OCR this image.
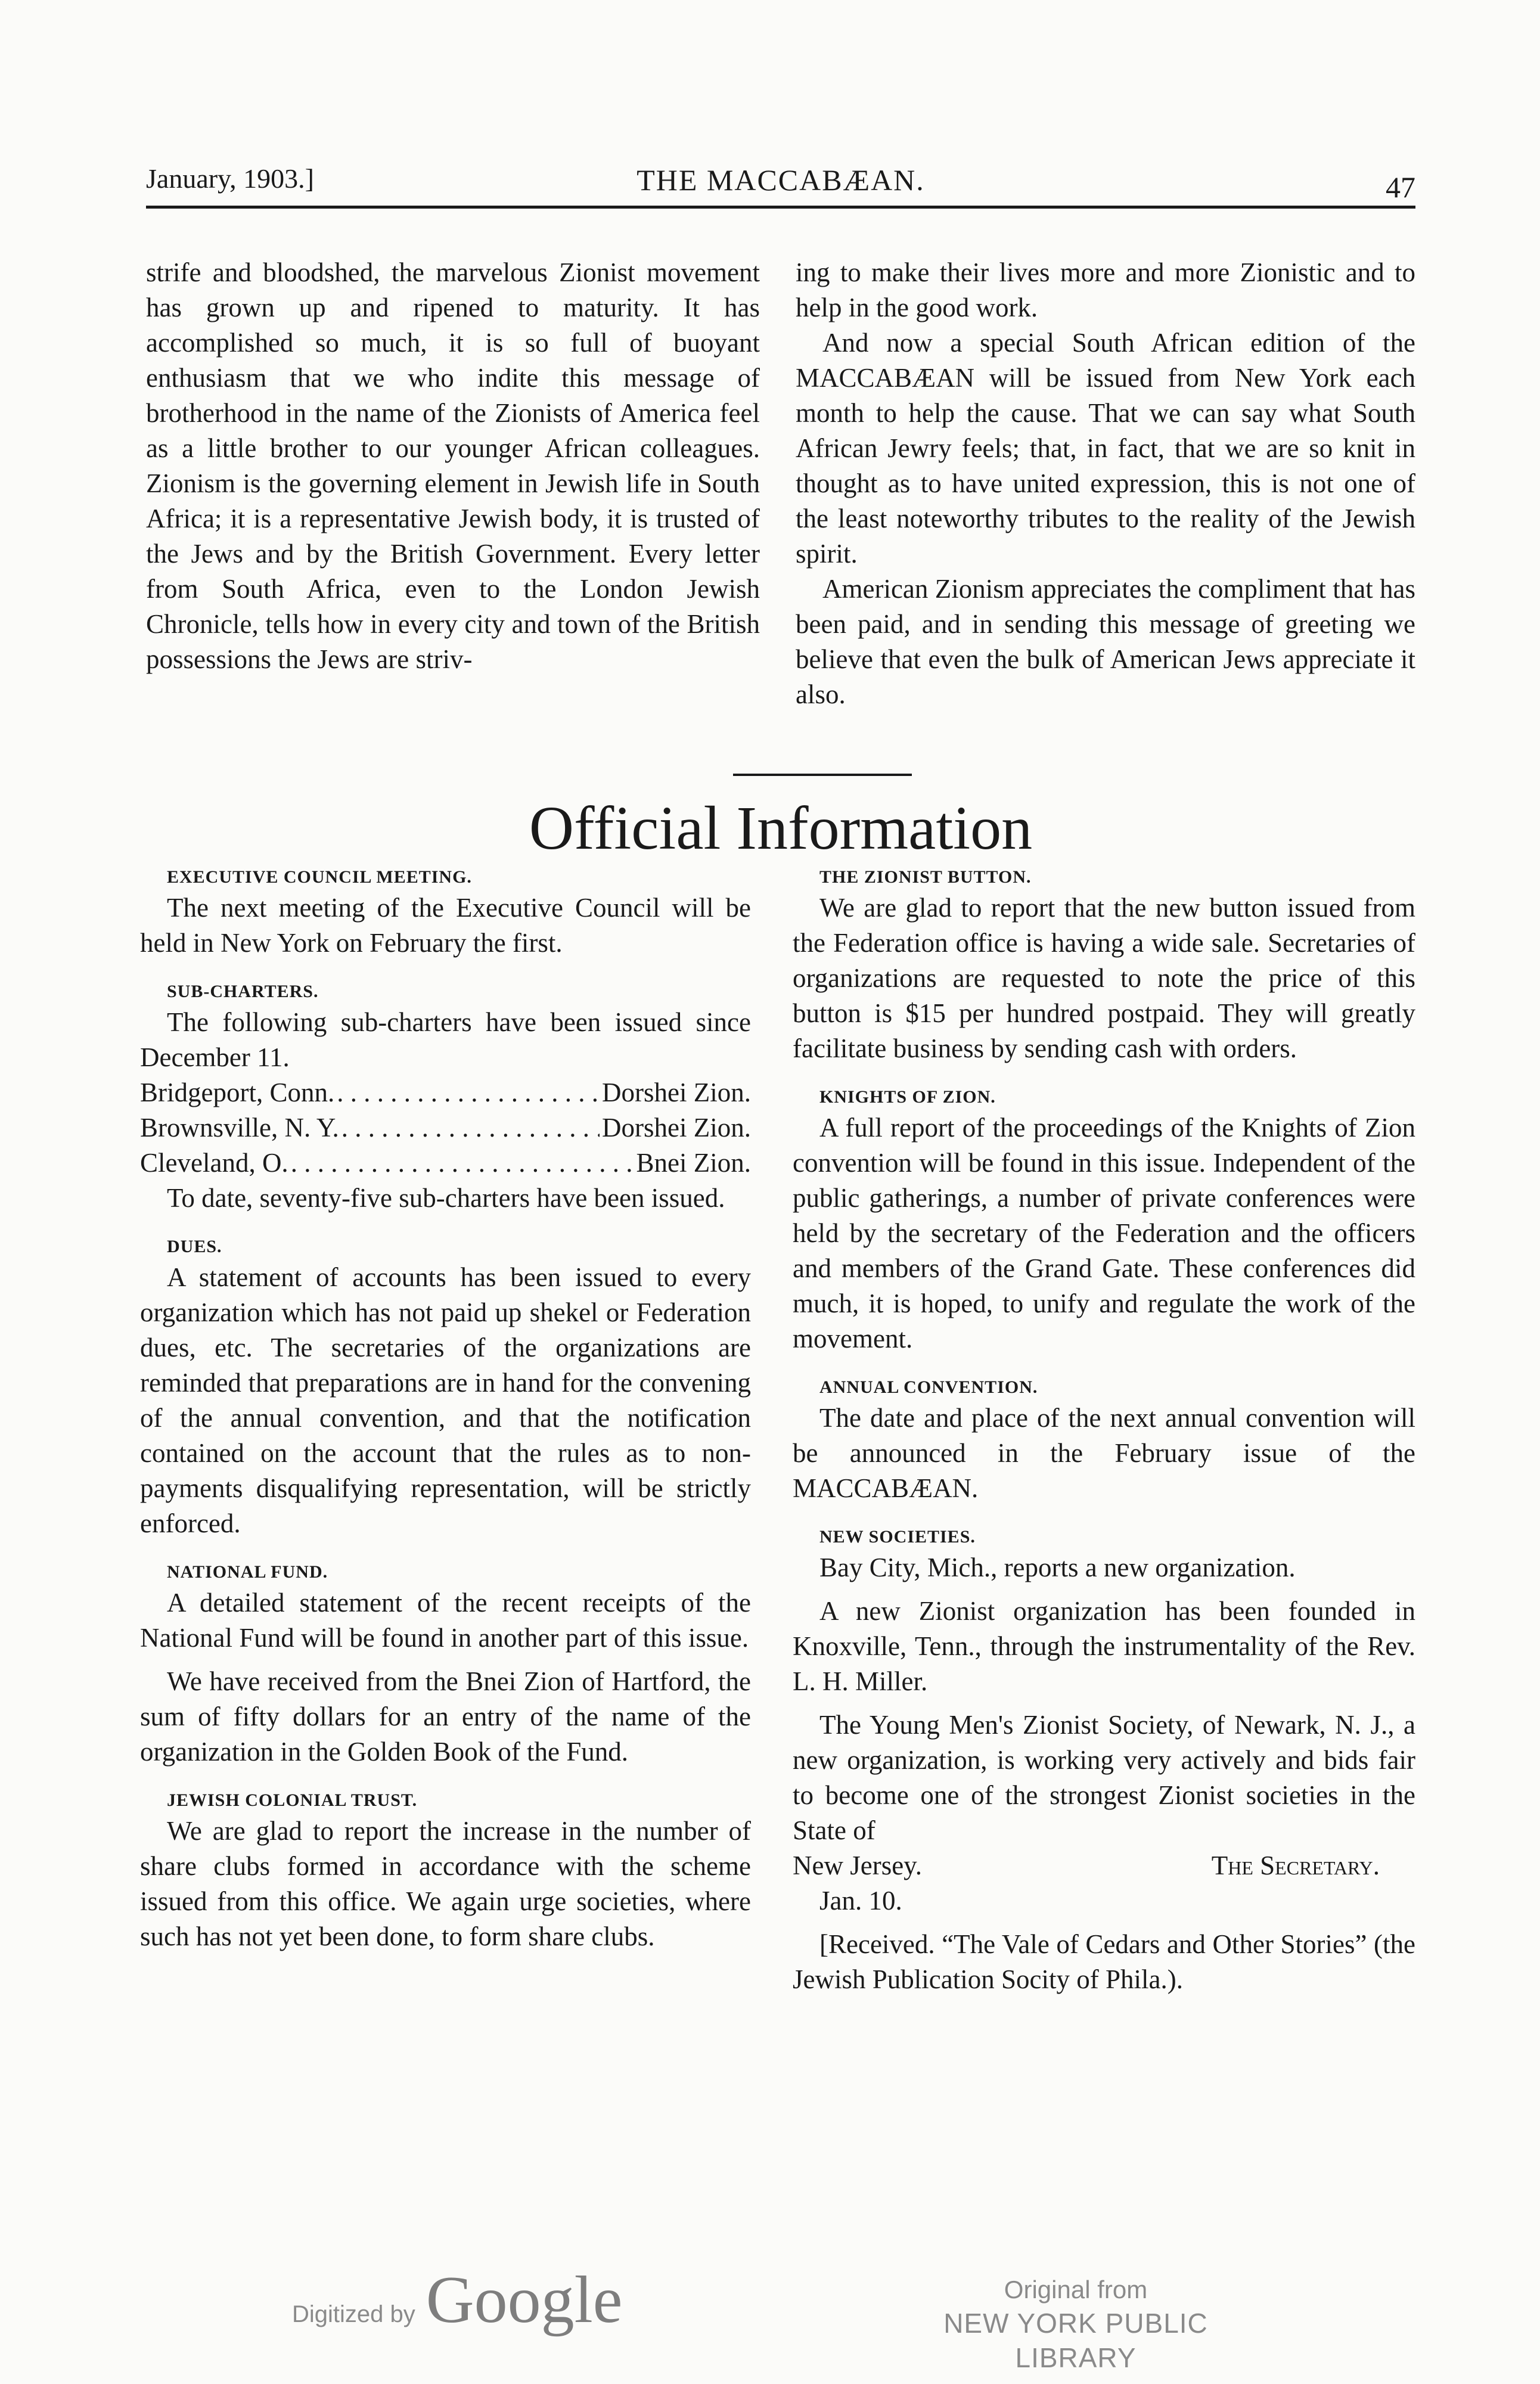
January, 1903.]	THE MACCABÆAN.	47

strife and bloodshed, the marvelous Zionist movement has grown up and ripened to maturity. It has accomplished so much, it is so full of buoyant enthusiasm that we who indite this message of brotherhood in the name of the Zionists of America feel as a little brother to our younger African colleagues. Zionism is the governing element in Jewish life in South Africa; it is a representative Jewish body, it is trusted of the Jews and by the British Government. Every letter from South Africa, even to the London Jewish Chronicle, tells how in every city and town of the British possessions the Jews are striv-

ing to make their lives more and more Zionistic and to help in the good work.

And now a special South African edition of the MACCABÆAN will be issued from New York each month to help the cause. That we can say what South African Jewry feels; that, in fact, that we are so knit in thought as to have united expression, this is not one of the least noteworthy tributes to the reality of the Jewish spirit.

American Zionism appreciates the compliment that has been paid, and in sending this message of greeting we believe that even the bulk of American Jews appreciate it also.

Official Information

EXECUTIVE COUNCIL MEETING.

The next meeting of the Executive Council will be held in New York on February the first.

SUB-CHARTERS.

The following sub-charters have been issued since December 11.

Bridgeport, Conn. . . .	Dorshei Zion.
Brownsville, N. Y. . . .	Dorshei Zion.
Cleveland, O. . . .	Bnei Zion.

To date, seventy-five sub-charters have been issued.

DUES.

A statement of accounts has been issued to every organization which has not paid up shekel or Federation dues, etc. The secretaries of the organizations are reminded that preparations are in hand for the convening of the annual convention, and that the notification contained on the account that the rules as to non-payments disqualifying representation, will be strictly enforced.

NATIONAL FUND.

A detailed statement of the recent receipts of the National Fund will be found in another part of this issue.

We have received from the Bnei Zion of Hartford, the sum of fifty dollars for an entry of the name of the organization in the Golden Book of the Fund.

JEWISH COLONIAL TRUST.

We are glad to report the increase in the number of share clubs formed in accordance with the scheme issued from this office. We again urge societies, where such has not yet been done, to form share clubs.

THE ZIONIST BUTTON.

We are glad to report that the new button issued from the Federation office is having a wide sale. Secretaries of organizations are requested to note the price of this button is $15 per hundred postpaid. They will greatly facilitate business by sending cash with orders.

KNIGHTS OF ZION.

A full report of the proceedings of the Knights of Zion convention will be found in this issue. Independent of the public gatherings, a number of private conferences were held by the secretary of the Federation and the officers and members of the Grand Gate. These conferences did much, it is hoped, to unify and regulate the work of the movement.

ANNUAL CONVENTION.

The date and place of the next annual convention will be announced in the February issue of the MACCABÆAN.

NEW SOCIETIES.

Bay City, Mich., reports a new organization.

A new Zionist organization has been founded in Knoxville, Tenn., through the instrumentality of the Rev. L. H. Miller.

The Young Men's Zionist Society, of Newark, N. J., a new organization, is working very actively and bids fair to become one of the strongest Zionist societies in the State of

New Jersey.	The Secretary.

Jan. 10.

[Received. “The Vale of Cedars and Other Stories” (the Jewish Publication Socity of Phila.).

Digitized by Google	Original from
NEW YORK PUBLIC LIBRARY
